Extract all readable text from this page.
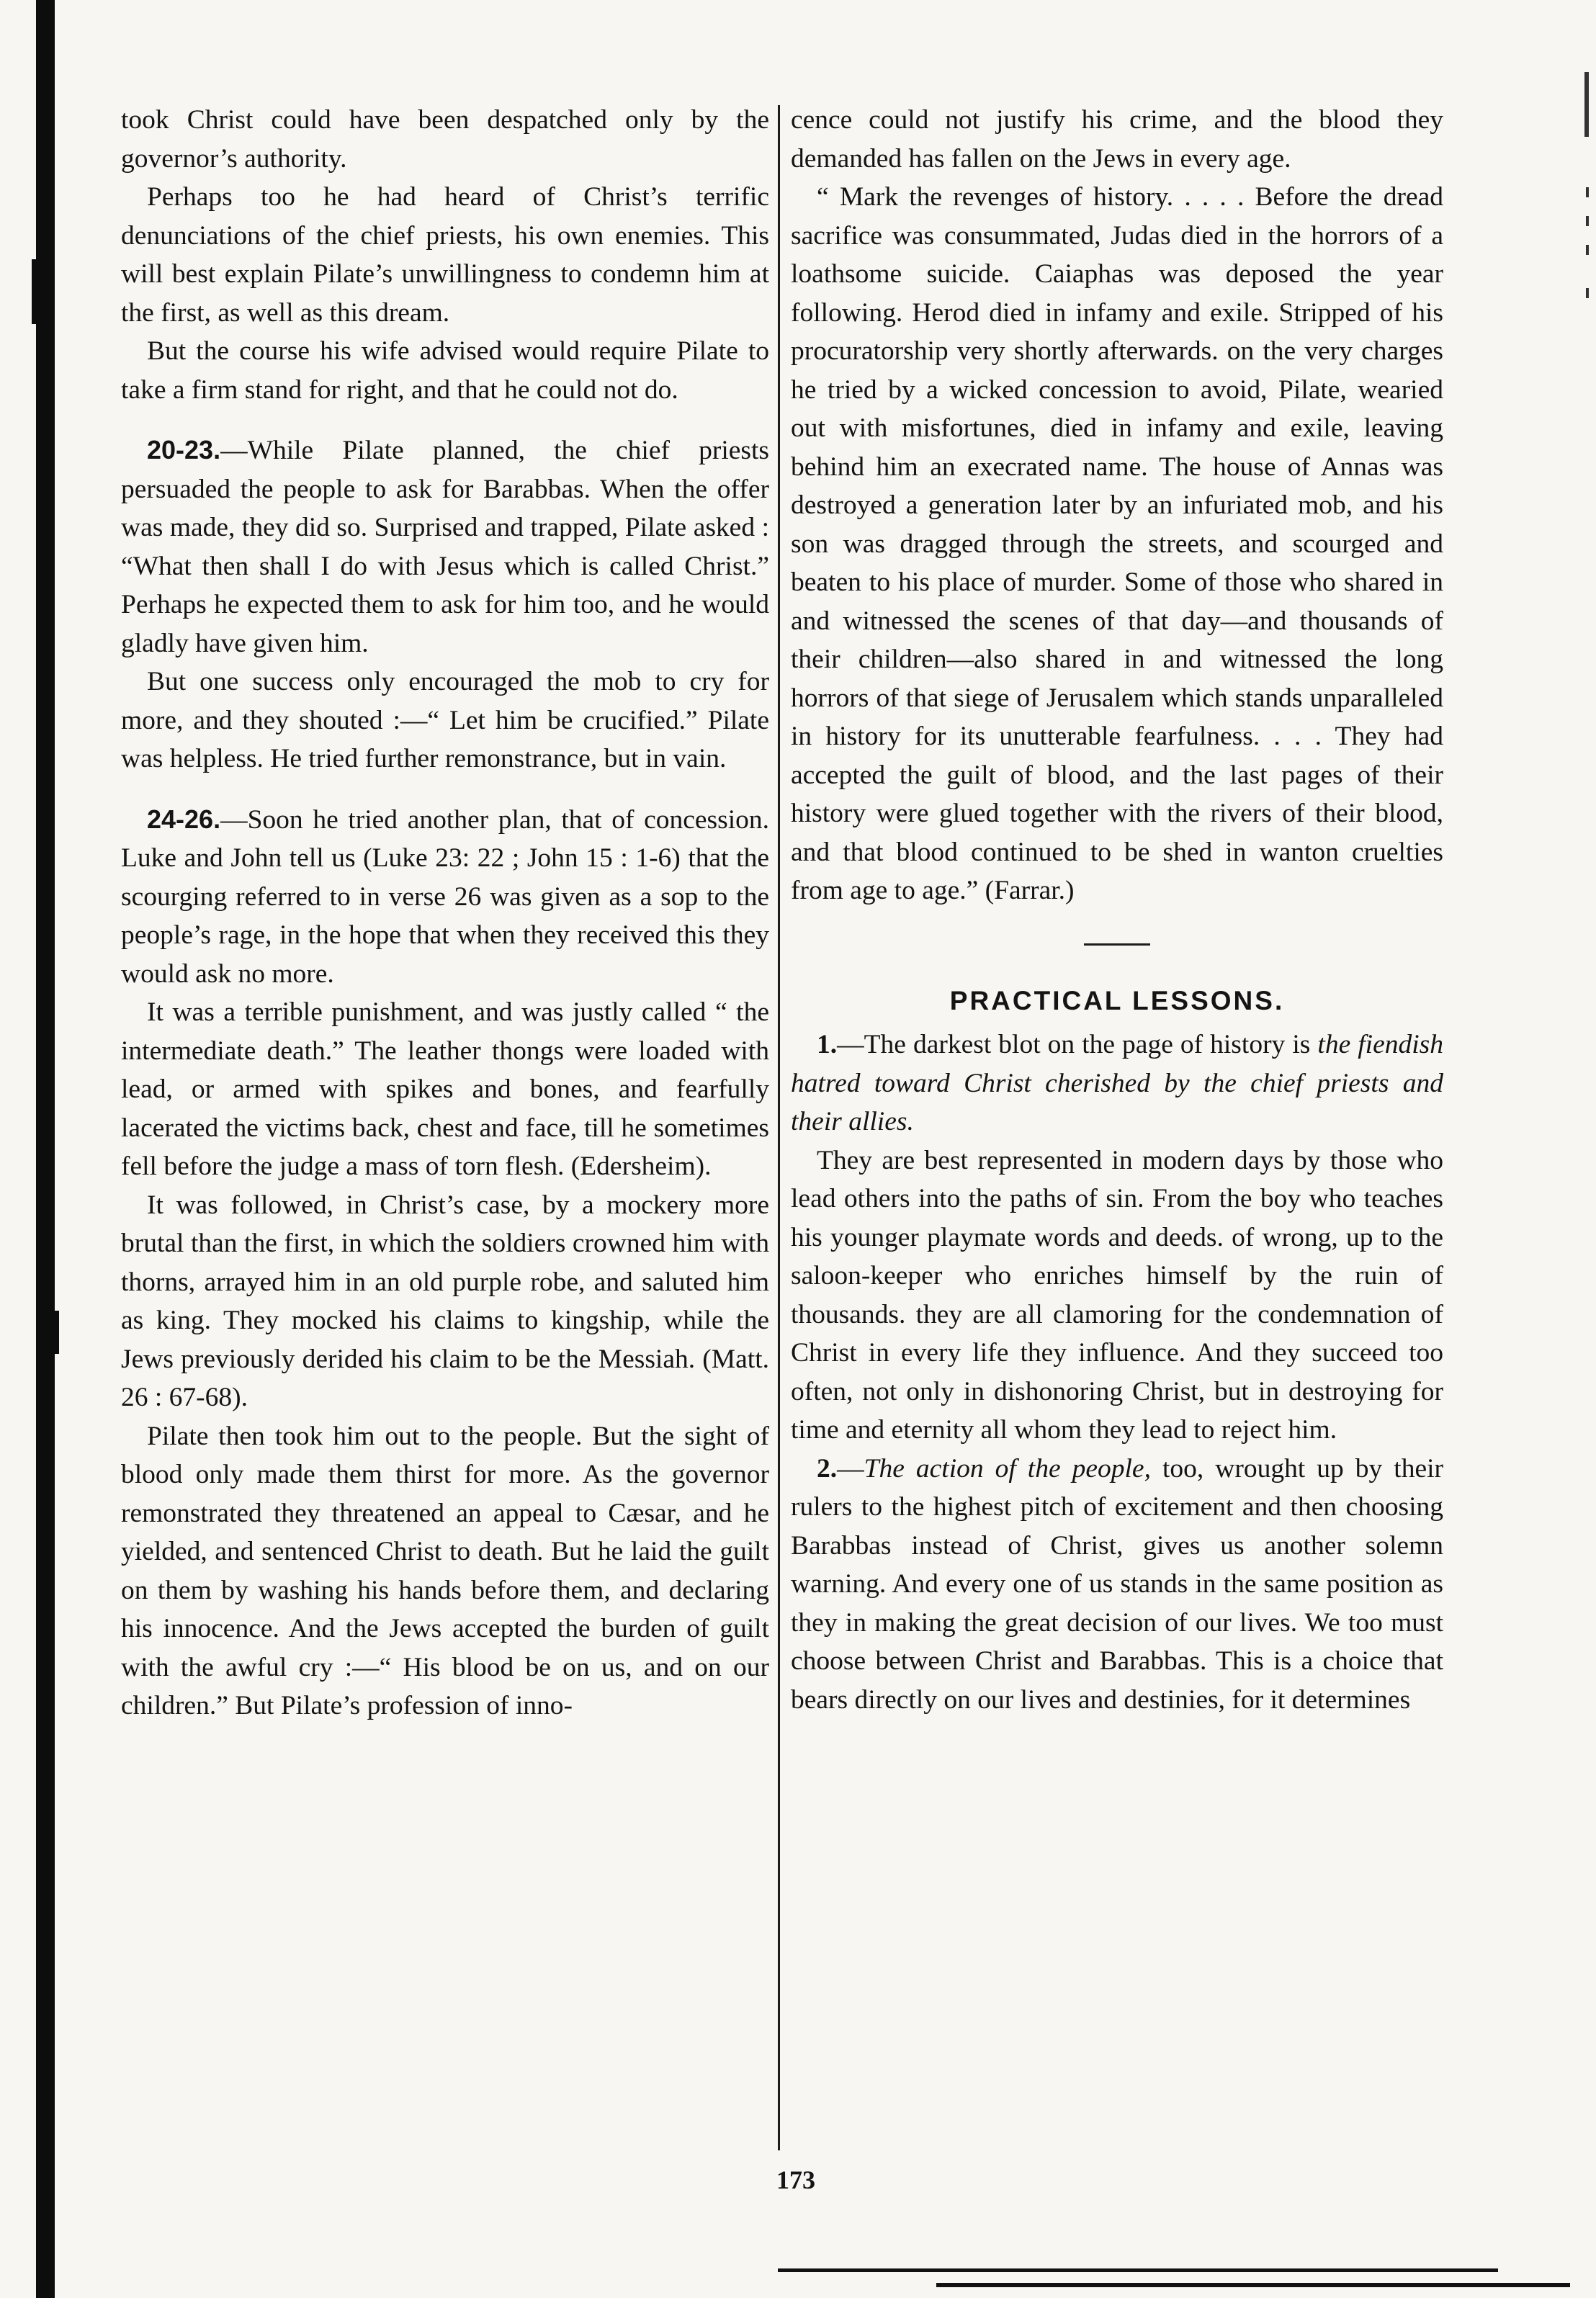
took Christ could have been despatched only by the governor’s authority.

Perhaps too he had heard of Christ’s terrific denunciations of the chief priests, his own enemies. This will best explain Pilate’s unwillingness to condemn him at the first, as well as this dream.

But the course his wife advised would require Pilate to take a firm stand for right, and that he could not do.

20-23.—While Pilate planned, the chief priests persuaded the people to ask for Barabbas. When the offer was made, they did so. Surprised and trapped, Pilate asked : “What then shall I do with Jesus which is called Christ.” Perhaps he expected them to ask for him too, and he would gladly have given him.

But one success only encouraged the mob to cry for more, and they shouted :—“ Let him be crucified.” Pilate was helpless. He tried further remonstrance, but in vain.

24-26.—Soon he tried another plan, that of concession. Luke and John tell us (Luke 23: 22 ; John 15 : 1-6) that the scourging referred to in verse 26 was given as a sop to the people’s rage, in the hope that when they received this they would ask no more.

It was a terrible punishment, and was justly called “ the intermediate death.” The leather thongs were loaded with lead, or armed with spikes and bones, and fearfully lacerated the victims back, chest and face, till he sometimes fell before the judge a mass of torn flesh. (Edersheim).

It was followed, in Christ’s case, by a mockery more brutal than the first, in which the soldiers crowned him with thorns, arrayed him in an old purple robe, and saluted him as king. They mocked his claims to kingship, while the Jews previously derided his claim to be the Messiah. (Matt. 26 : 67-68).

Pilate then took him out to the people. But the sight of blood only made them thirst for more. As the governor remonstrated they threatened an appeal to Cæsar, and he yielded, and sentenced Christ to death. But he laid the guilt on them by washing his hands before them, and declaring his innocence. And the Jews accepted the burden of guilt with the awful cry :—“ His blood be on us, and on our children.” But Pilate’s profession of inno-

cence could not justify his crime, and the blood they demanded has fallen on the Jews in every age.

“ Mark the revenges of history. . . . . Before the dread sacrifice was consummated, Judas died in the horrors of a loathsome suicide. Caiaphas was deposed the year following. Herod died in infamy and exile. Stripped of his procuratorship very shortly afterwards. on the very charges he tried by a wicked concession to avoid, Pilate, wearied out with misfortunes, died in infamy and exile, leaving behind him an execrated name. The house of Annas was destroyed a generation later by an infuriated mob, and his son was dragged through the streets, and scourged and beaten to his place of murder. Some of those who shared in and witnessed the scenes of that day—and thousands of their children—also shared in and witnessed the long horrors of that siege of Jerusalem which stands unparalleled in history for its unutterable fearfulness. . . . They had accepted the guilt of blood, and the last pages of their history were glued together with the rivers of their blood, and that blood continued to be shed in wanton cruelties from age to age.” (Farrar.)

PRACTICAL LESSONS.

1.—The darkest blot on the page of history is the fiendish hatred toward Christ cherished by the chief priests and their allies.

They are best represented in modern days by those who lead others into the paths of sin. From the boy who teaches his younger playmate words and deeds. of wrong, up to the saloon-keeper who enriches himself by the ruin of thousands. they are all clamoring for the condemnation of Christ in every life they influence. And they succeed too often, not only in dishonoring Christ, but in destroying for time and eternity all whom they lead to reject him.

2.—The action of the people, too, wrought up by their rulers to the highest pitch of excitement and then choosing Barabbas instead of Christ, gives us another solemn warning. And every one of us stands in the same position as they in making the great decision of our lives. We too must choose between Christ and Barabbas. This is a choice that bears directly on our lives and destinies, for it determines

173
